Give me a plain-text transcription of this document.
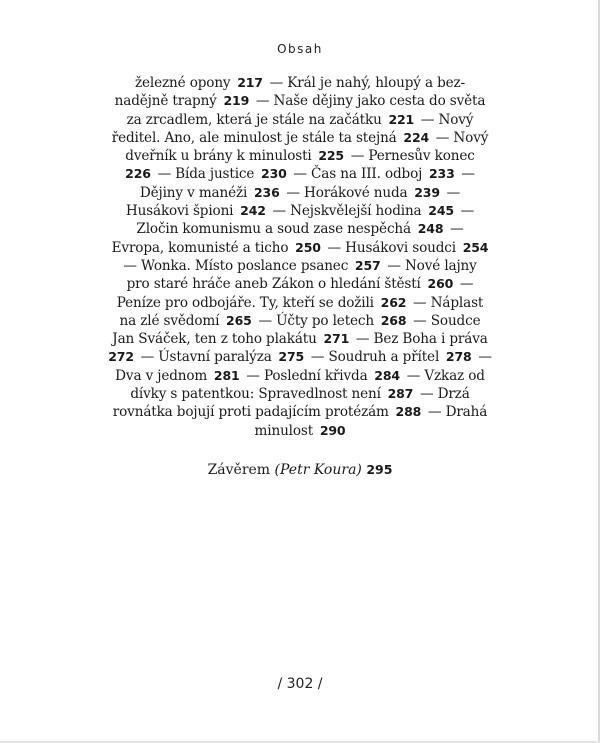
Obsah
železné opony  217  — Král je nahý, hloupý a bez-
nadějně trapný  219  — Naše dějiny jako cesta do světa
za zrcadlem, která je stále na začátku  221  — Nový
ředitel. Ano, ale minulost je stále ta stejná  224  — Nový
dveřník u brány k minulosti  225  — Pernesův konec
226  — Bída justice  230  — Čas na III. odboj  233  —
Dějiny v manéži  236  — Horákové nuda  239  —
Husákovi špioni  242  — Nejskvělejší hodina  245  —
Zločin komunismu a soud zase nespěchá  248  —
Evropa, komunisté a ticho  250  — Husákovi soudci  254
— Wonka. Místo poslance psanec  257  — Nové lajny
pro staré hráče aneb Zákon o hledání štěstí  260  —
Peníze pro odbojáře. Ty, kteří se dožili  262  — Náplast
na zlé svědomí  265  — Účty po letech  268  — Soudce
Jan Sváček, ten z toho plakátu  271  — Bez Boha i práva
272  — Ústavní paralýza  275  — Soudruh a přítel  278  —
Dva v jednom  281  — Poslední křivda  284  — Vzkaz od
dívky s patentkou: Spravedlnost není  287  — Drzá
rovnátka bojují proti padajícím protézám  288  — Drahá
minulost  290
Závěrem (Petr Koura) 295
/ 302 /
